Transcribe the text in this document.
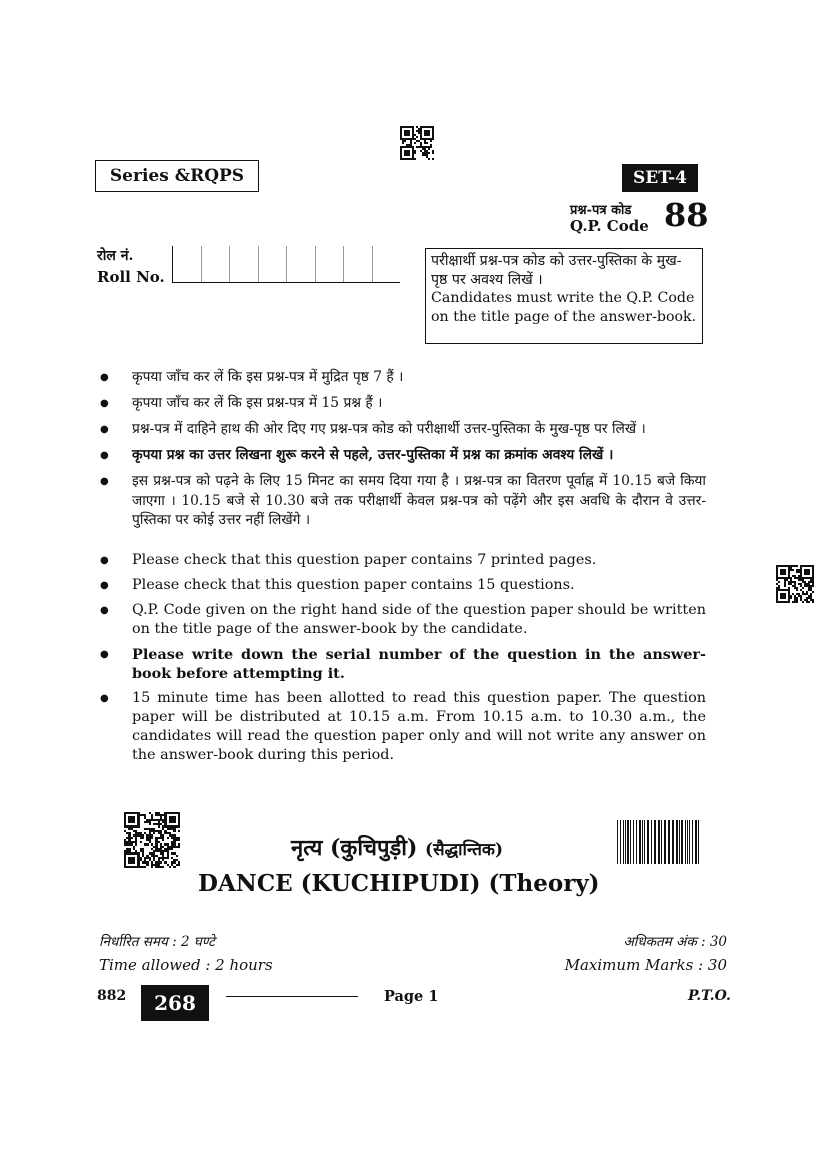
Series &RQPS	SET-4
प्रश्न-पत्र कोड
Q.P. Code 88
रोल नं.
Roll No.
परीक्षार्थी प्रश्न-पत्र कोड को उत्तर-पुस्तिका के मुख-पृष्ठ पर अवश्य लिखें ।
Candidates must write the Q.P. Code on the title page of the answer-book.
● कृपया जाँच कर लें कि इस प्रश्न-पत्र में मुद्रित पृष्ठ 7 हैं ।
● कृपया जाँच कर लें कि इस प्रश्न-पत्र में 15 प्रश्न हैं ।
● प्रश्न-पत्र में दाहिने हाथ की ओर दिए गए प्रश्न-पत्र कोड को परीक्षार्थी उत्तर-पुस्तिका के मुख-पृष्ठ पर लिखें ।
● कृपया प्रश्न का उत्तर लिखना शुरू करने से पहले, उत्तर-पुस्तिका में प्रश्न का क्रमांक अवश्य लिखें ।
● इस प्रश्न-पत्र को पढ़ने के लिए 15 मिनट का समय दिया गया है । प्रश्न-पत्र का वितरण पूर्वाह्न में 10.15 बजे किया जाएगा । 10.15 बजे से 10.30 बजे तक परीक्षार्थी केवल प्रश्न-पत्र को पढ़ेंगे और इस अवधि के दौरान वे उत्तर-पुस्तिका पर कोई उत्तर नहीं लिखेंगे ।
● Please check that this question paper contains 7 printed pages.
● Please check that this question paper contains 15 questions.
● Q.P. Code given on the right hand side of the question paper should be written on the title page of the answer-book by the candidate.
● Please write down the serial number of the question in the answer-book before attempting it.
● 15 minute time has been allotted to read this question paper. The question paper will be distributed at 10.15 a.m. From 10.15 a.m. to 10.30 a.m., the candidates will read the question paper only and will not write any answer on the answer-book during this period.
नृत्य (कुचिपुड़ी) (सैद्धान्तिक)
DANCE (KUCHIPUDI) (Theory)
निर्धारित समय : 2 घण्टे
Time allowed : 2 hours
अधिकतम अंक : 30
Maximum Marks : 30
882	268	Page 1	P.T.O.
